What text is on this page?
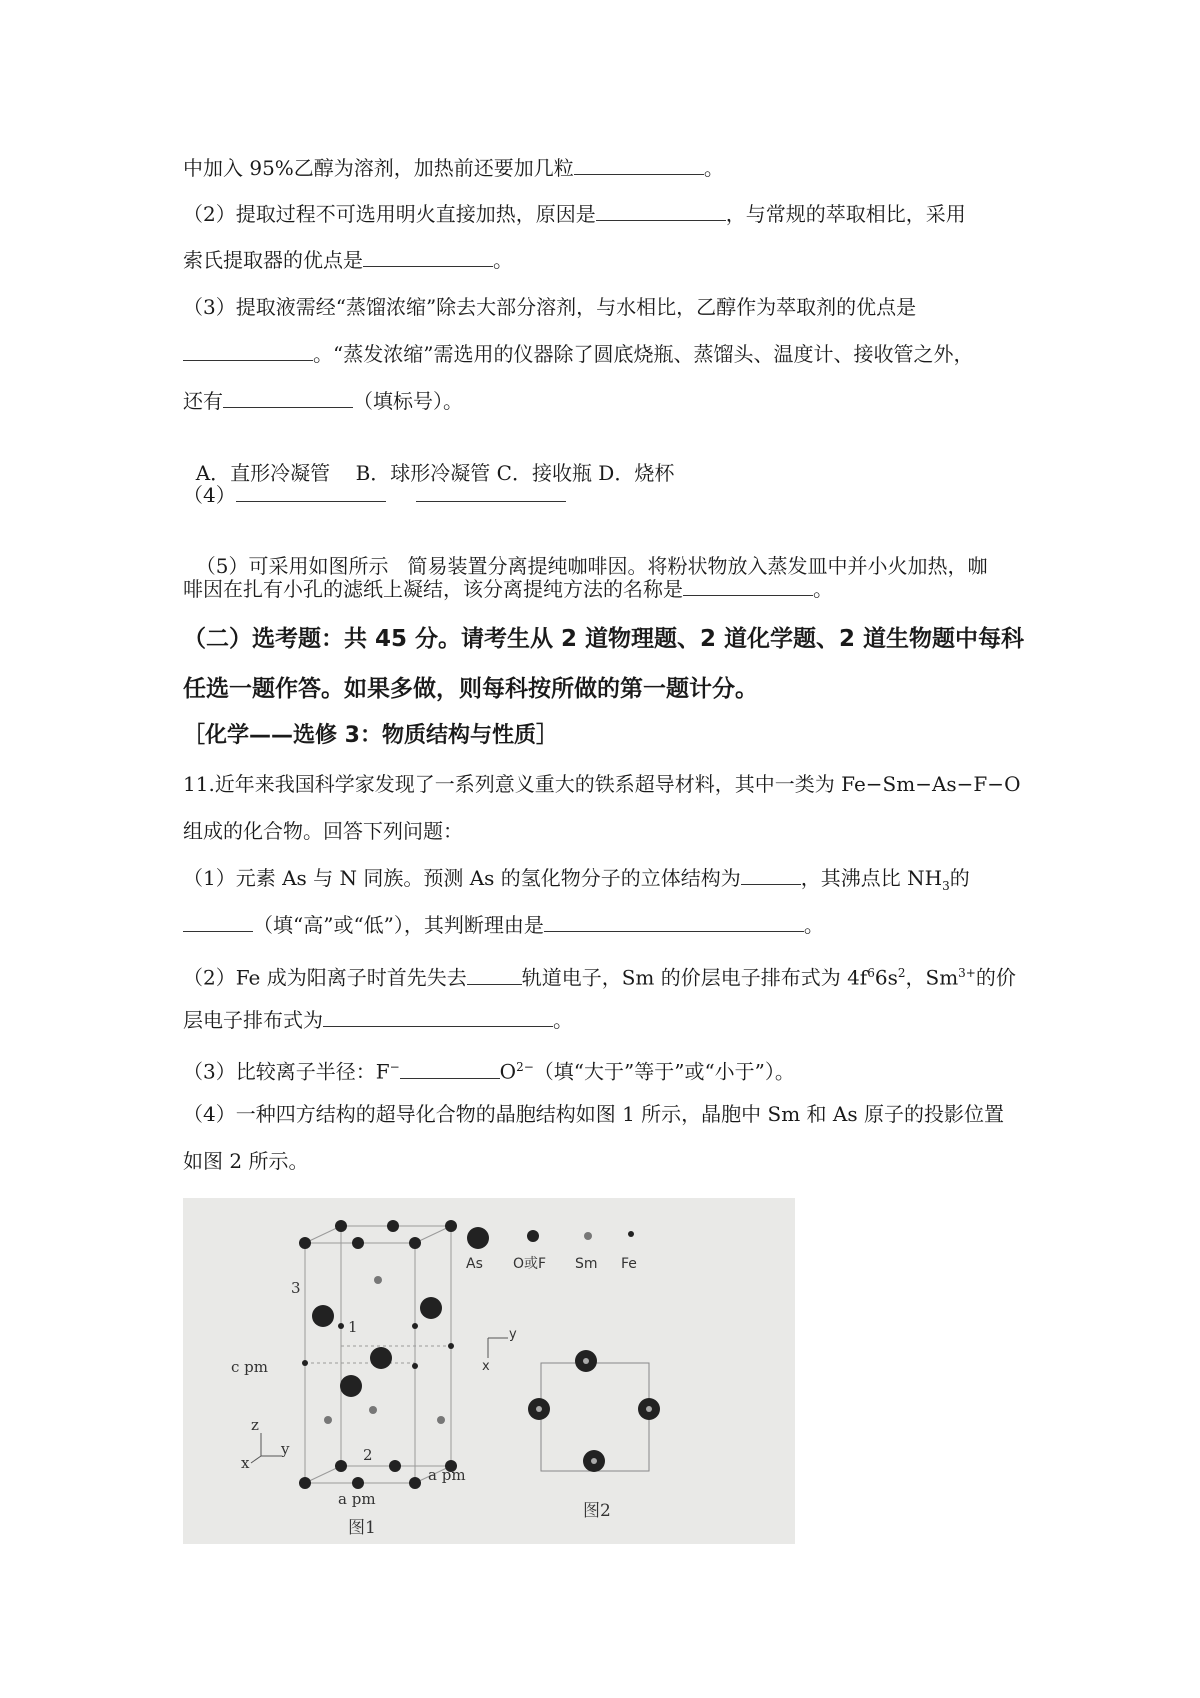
中加入 95%乙醇为溶剂，加热前还要加几粒	。
（2）提取过程不可选用明火直接加热，原因是	，与常规的萃取相比，采用
索氏提取器的优点是	。
（3）提取液需经“蒸馏浓缩”除去大部分溶剂，与水相比，乙醇作为萃取剂的优点是
。“蒸发浓缩”需选用的仪器除了圆底烧瓶、蒸馏头、温度计、接收管之外，
还有	（填标号）。

A．直形冷凝管    B．球形冷凝管 C．接收瓶 D．烧杯

（4）

（5）可采用如图所示   简易装置分离提纯咖啡因。将粉状物放入蒸发皿中并小火加热，咖

啡因在扎有小孔的滤纸上凝结，该分离提纯方法的名称是	。
（二）选考题：共 45 分。请考生从 2 道物理题、2 道化学题、2 道生物题中每科
任选一题作答。如果多做，则每科按所做的第一题计分。
［化学——选修 3：物质结构与性质］
11.近年来我国科学家发现了一系列意义重大的铁系超导材料，其中一类为 Fe−Sm−As−F−O
组成的化合物。回答下列问题：
（1）元素 As 与 N 同族。预测 As 的氢化物分子的立体结构为	，其沸点比 $NH_3$的
（填“高”或“低”），其判断理由是	。
（2）Fe 成为阳离子时首先失去	轨道电子，Sm 的价层电子排布式为 $4f^66s^2$，$Sm^{3+}$的价
层电子排布式为	。
（3）比较离子半径：F−	$O^{2-}$（填“大于”等于”或“小于”）。
（4）一种四方结构的超导化合物的晶胞结构如图 1 所示，晶胞中 Sm 和 As 原子的投影位置
如图 2 所示。
3
1
2
c pm
a pm
a pm
z
x
y
图1
图2
As O或F Sm Fe
y
x
